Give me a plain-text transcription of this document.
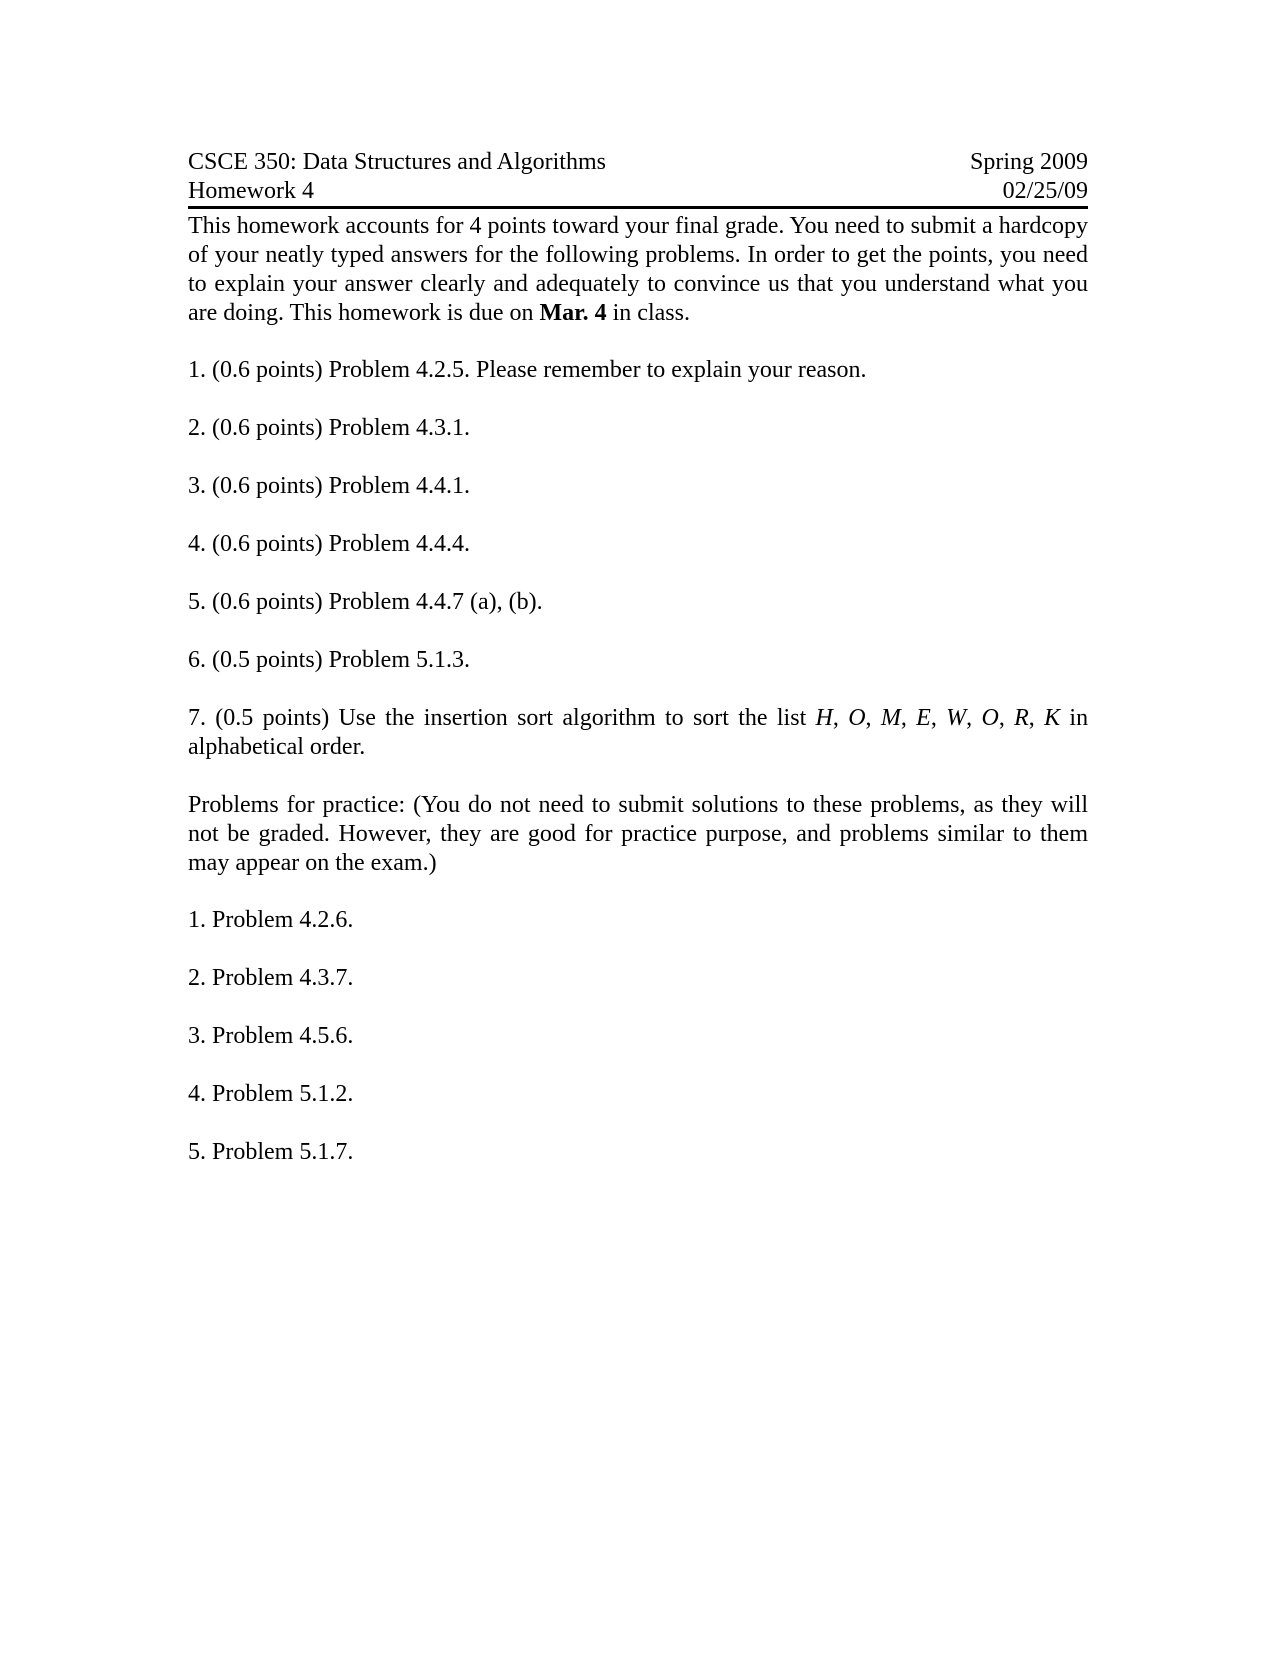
CSCE 350: Data Structures and Algorithms	Spring 2009
Homework 4	02/25/09

This homework accounts for 4 points toward your final grade. You need to submit a hardcopy of your neatly typed answers for the following problems. In order to get the points, you need to explain your answer clearly and adequately to convince us that you understand what you are doing. This homework is due on Mar. 4 in class.

1. (0.6 points) Problem 4.2.5. Please remember to explain your reason.

2. (0.6 points) Problem 4.3.1.

3. (0.6 points) Problem 4.4.1.

4. (0.6 points) Problem 4.4.4.

5. (0.6 points) Problem 4.4.7 (a), (b).

6. (0.5 points) Problem 5.1.3.

7. (0.5 points) Use the insertion sort algorithm to sort the list H, O, M, E, W, O, R, K in alphabetical order.

Problems for practice: (You do not need to submit solutions to these problems, as they will not be graded. However, they are good for practice purpose, and problems similar to them may appear on the exam.)

1. Problem 4.2.6.

2. Problem 4.3.7.

3. Problem 4.5.6.

4. Problem 5.1.2.

5. Problem 5.1.7.
